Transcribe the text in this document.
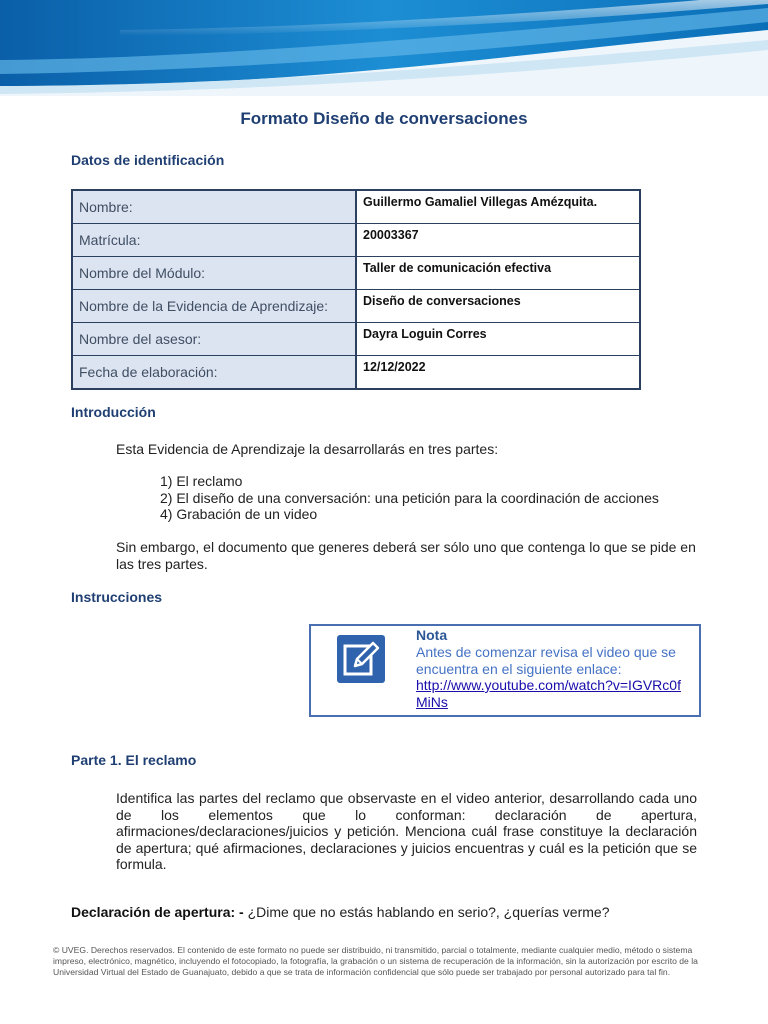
Formato Diseño de conversaciones
Datos de identificación
Nombre:	Guillermo Gamaliel Villegas Amézquita.
Matrícula:	20003367
Nombre del Módulo:	Taller de comunicación efectiva
Nombre de la Evidencia de Aprendizaje:	Diseño de conversaciones
Nombre del asesor:	Dayra Loguin Corres
Fecha de elaboración:	12/12/2022
Introducción
Esta Evidencia de Aprendizaje la desarrollarás en tres partes:
1) El reclamo
2) El diseño de una conversación: una petición para la coordinación de acciones
4) Grabación de un video
Sin embargo, el documento que generes deberá ser sólo uno que contenga lo que se pide en las tres partes.
Instrucciones
Nota
Antes de comenzar revisa el video que se encuentra en el siguiente enlace:
http://www.youtube.com/watch?v=IGVRc0fMiNs
Parte 1. El reclamo
Identifica las partes del reclamo que observaste en el video anterior, desarrollando cada uno de los elementos que lo conforman: declaración de apertura, afirmaciones/declaraciones/juicios y petición. Menciona cuál frase constituye la declaración de apertura; qué afirmaciones, declaraciones y juicios encuentras y cuál es la petición que se formula.
Declaración de apertura: - ¿Dime que no estás hablando en serio?, ¿querías verme?
© UVEG. Derechos reservados. El contenido de este formato no puede ser distribuido, ni transmitido, parcial o totalmente, mediante cualquier medio, método o sistema impreso, electrónico, magnético, incluyendo el fotocopiado, la fotografía, la grabación o un sistema de recuperación de la información, sin la autorización por escrito de la Universidad Virtual del Estado de Guanajuato, debido a que se trata de información confidencial que sólo puede ser trabajado por personal autorizado para tal fin.
